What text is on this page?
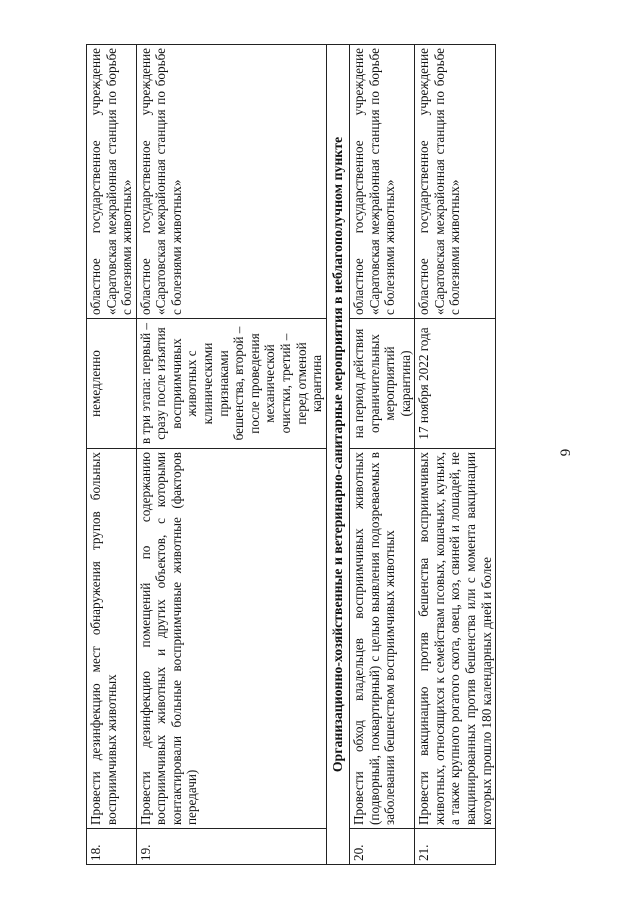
6
18.	Провести дезинфекцию мест обнаружения трупов больных восприимчивых животных	немедленно	областное государственное учреждение «Саратовская межрайонная станция по борьбе с болезнями животных»
19.	Провести дезинфекцию помещений по содержанию восприимчивых животных и других объектов, с которыми контактировали больные восприимчивые животные (факторов передачи)	в три этапа: первый – сразу после изъятия восприимчивых животных с клиническими признаками бешенства, второй – после проведения механической очистки, третий – перед отменой карантина	областное государственное учреждение «Саратовская межрайонная станция по борьбе с болезнями животных»
Организационно-хозяйственные и ветеринарно-санитарные мероприятия в неблагополучном пункте			
20.	Провести обход владельцев восприимчивых животных (подворный, поквартирный) с целью выявления подозреваемых в заболевании бешенством восприимчивых животных	на период действия ограничительных мероприятий (карантина)	областное государственное учреждение «Саратовская межрайонная станция по борьбе с болезнями животных»
21.	Провести вакцинацию против бешенства восприимчивых животных, относящихся к семействам псовых, кошачьих, куньих, а также крупного рогатого скота, овец, коз, свиней и лошадей, не вакцинированных против бешенства или с момента вакцинации которых прошло 180 календарных дней и более	17 ноября 2022 года	областное государственное учреждение «Саратовская межрайонная станция по борьбе с болезнями животных»
